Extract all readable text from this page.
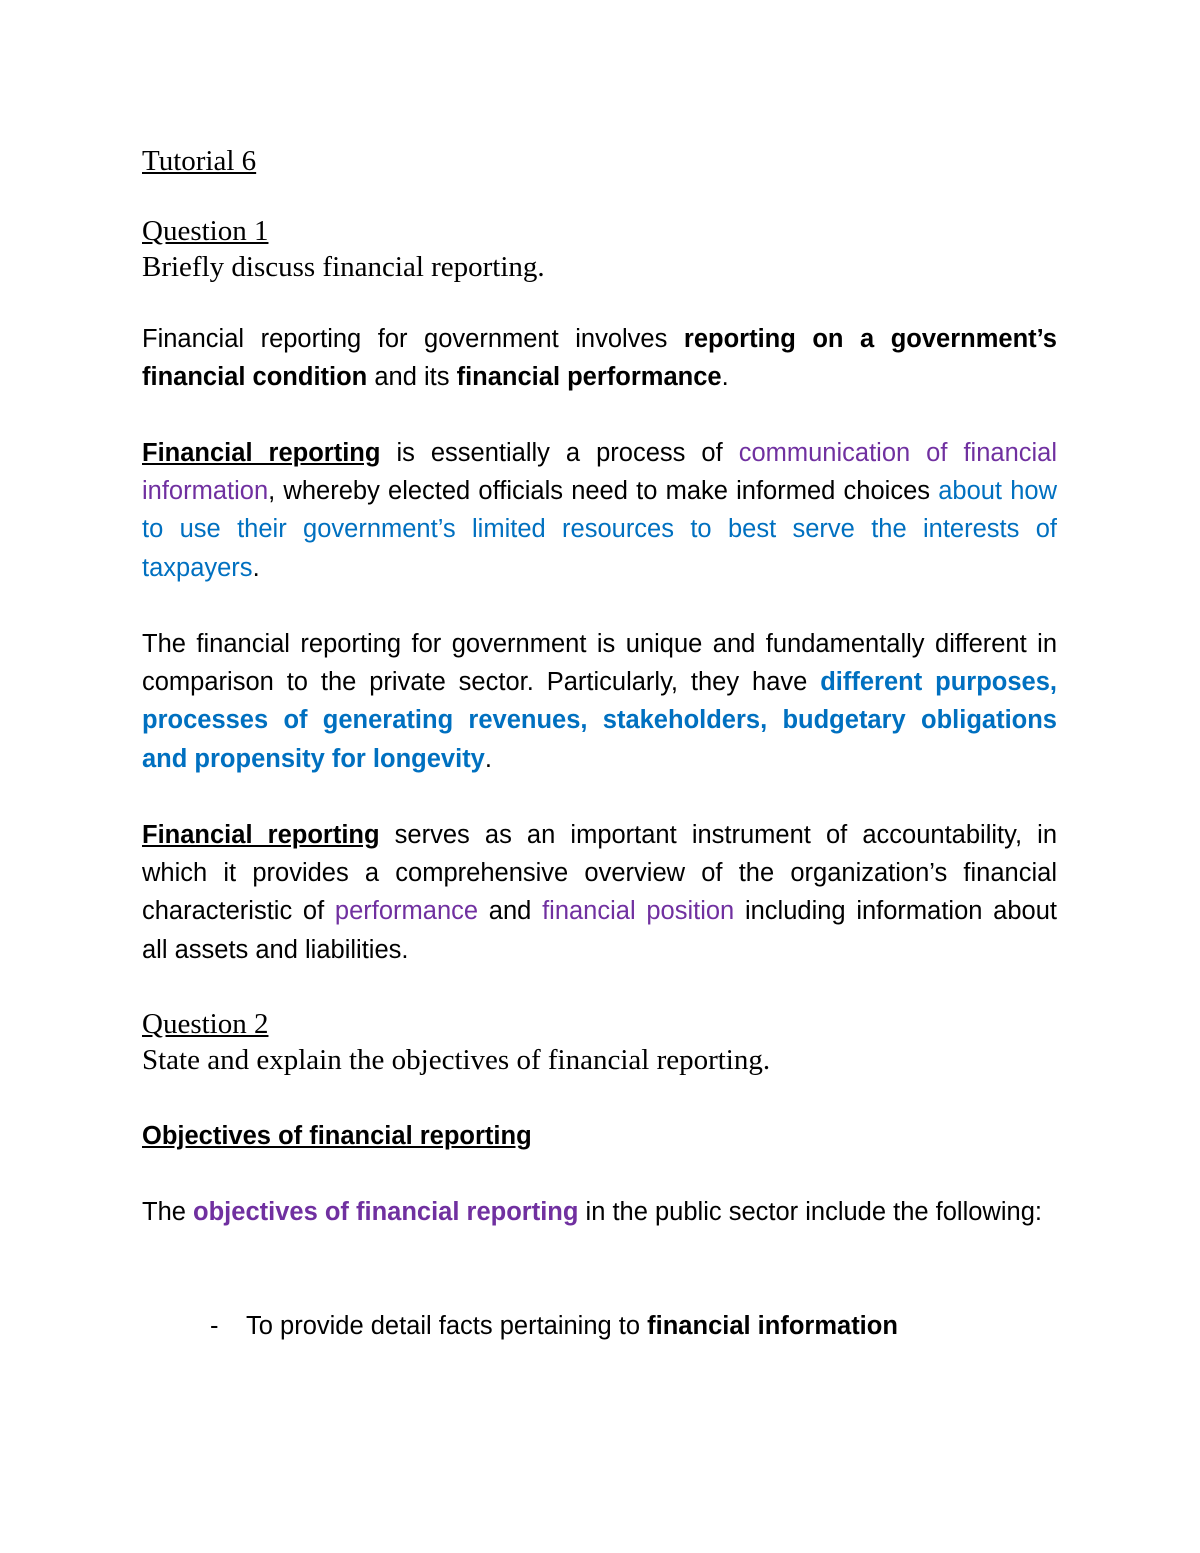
Tutorial 6
Question 1
Briefly discuss financial reporting.
Financial reporting for government involves reporting on a government’s financial condition and its financial performance.
Financial reporting is essentially a process of communication of financial information, whereby elected officials need to make informed choices about how to use their government’s limited resources to best serve the interests of taxpayers.
The financial reporting for government is unique and fundamentally different in comparison to the private sector. Particularly, they have different purposes, processes of generating revenues, stakeholders, budgetary obligations and propensity for longevity.
Financial reporting serves as an important instrument of accountability, in which it provides a comprehensive overview of the organization’s financial characteristic of performance and financial position including information about all assets and liabilities.
Question 2
State and explain the objectives of financial reporting.
Objectives of financial reporting
The objectives of financial reporting in the public sector include the following:
- To provide detail facts pertaining to financial information
